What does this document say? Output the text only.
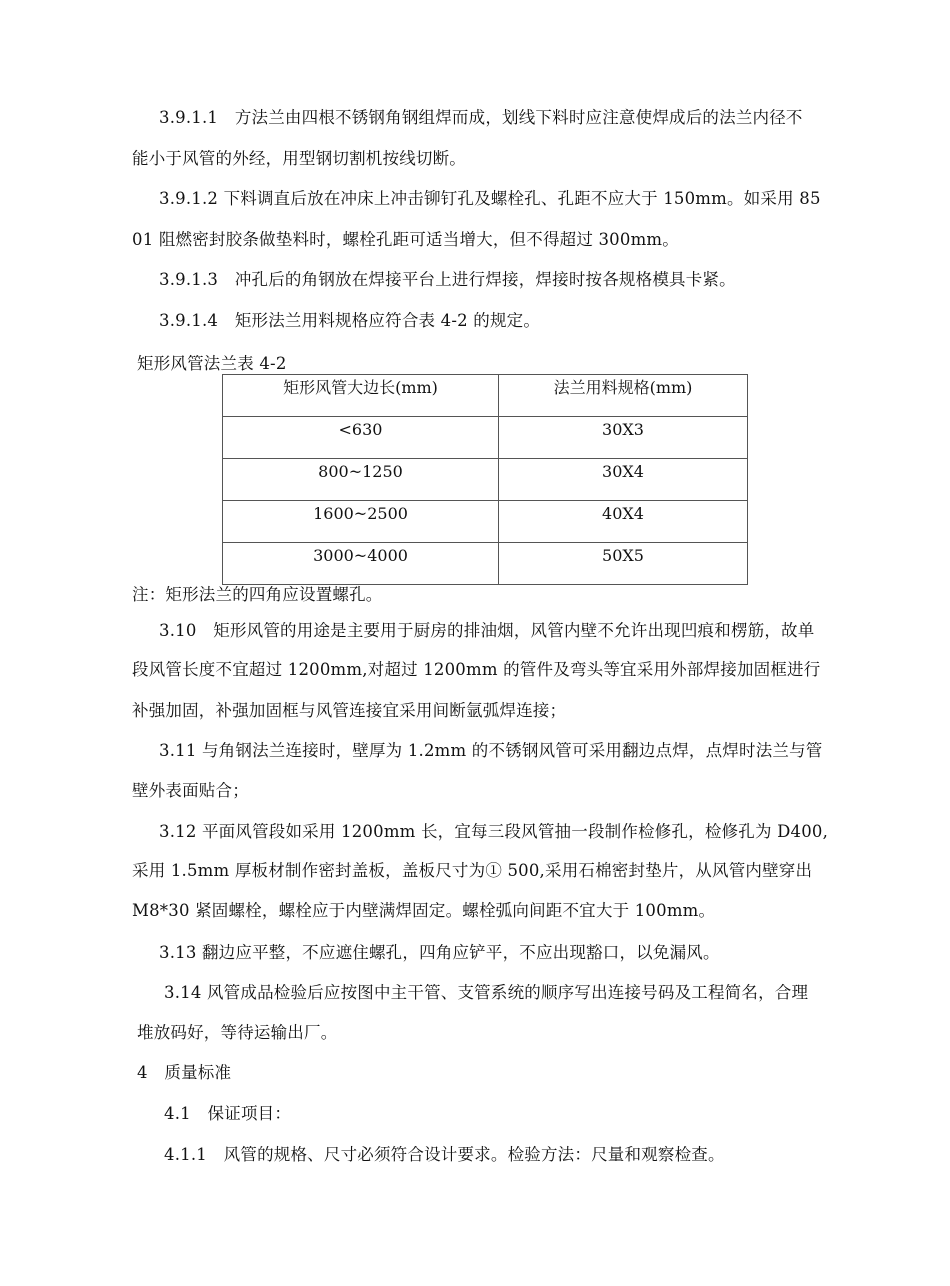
3.9.1.1　方法兰由四根不锈钢角钢组焊而成，划线下料时应注意使焊成后的法兰内径不
能小于风管的外经，用型钢切割机按线切断。
3.9.1.2 下料调直后放在冲床上冲击铆钉孔及螺栓孔、孔距不应大于 150mm。如采用 85
01 阻燃密封胶条做垫料时，螺栓孔距可适当增大，但不得超过 300mm。
3.9.1.3　冲孔后的角钢放在焊接平台上进行焊接，焊接时按各规格模具卡紧。
3.9.1.4　矩形法兰用料规格应符合表 4-2 的规定。
矩形风管法兰表 4-2
矩形风管大边长(mm)	法兰用料规格(mm)

<630	30X3

800~1250	30X4

1600~2500	40X4

3000~4000	50X5
注：矩形法兰的四角应设置螺孔。
3.10　矩形风管的用途是主要用于厨房的排油烟，风管内壁不允许出现凹痕和楞筋，故单
段风管长度不宜超过 1200mm,对超过 1200mm 的管件及弯头等宜采用外部焊接加固框进行
补强加固，补强加固框与风管连接宜采用间断氩弧焊连接；
3.11 与角钢法兰连接时，壁厚为 1.2mm 的不锈钢风管可采用翻边点焊，点焊时法兰与管
壁外表面贴合；
3.12 平面风管段如采用 1200mm 长，宜每三段风管抽一段制作检修孔，检修孔为 D400,
采用 1.5mm 厚板材制作密封盖板，盖板尺寸为① 500,采用石棉密封垫片，从风管内壁穿出
M8*30 紧固螺栓，螺栓应于内壁满焊固定。螺栓弧向间距不宜大于 100mm。
3.13 翻边应平整，不应遮住螺孔，四角应铲平，不应出现豁口，以免漏风。
3.14 风管成品检验后应按图中主干管、支管系统的顺序写出连接号码及工程简名，合理
堆放码好，等待运输出厂。
4　质量标准
4.1　保证项目：
4.1.1　风管的规格、尺寸必须符合设计要求。检验方法：尺量和观察检查。
